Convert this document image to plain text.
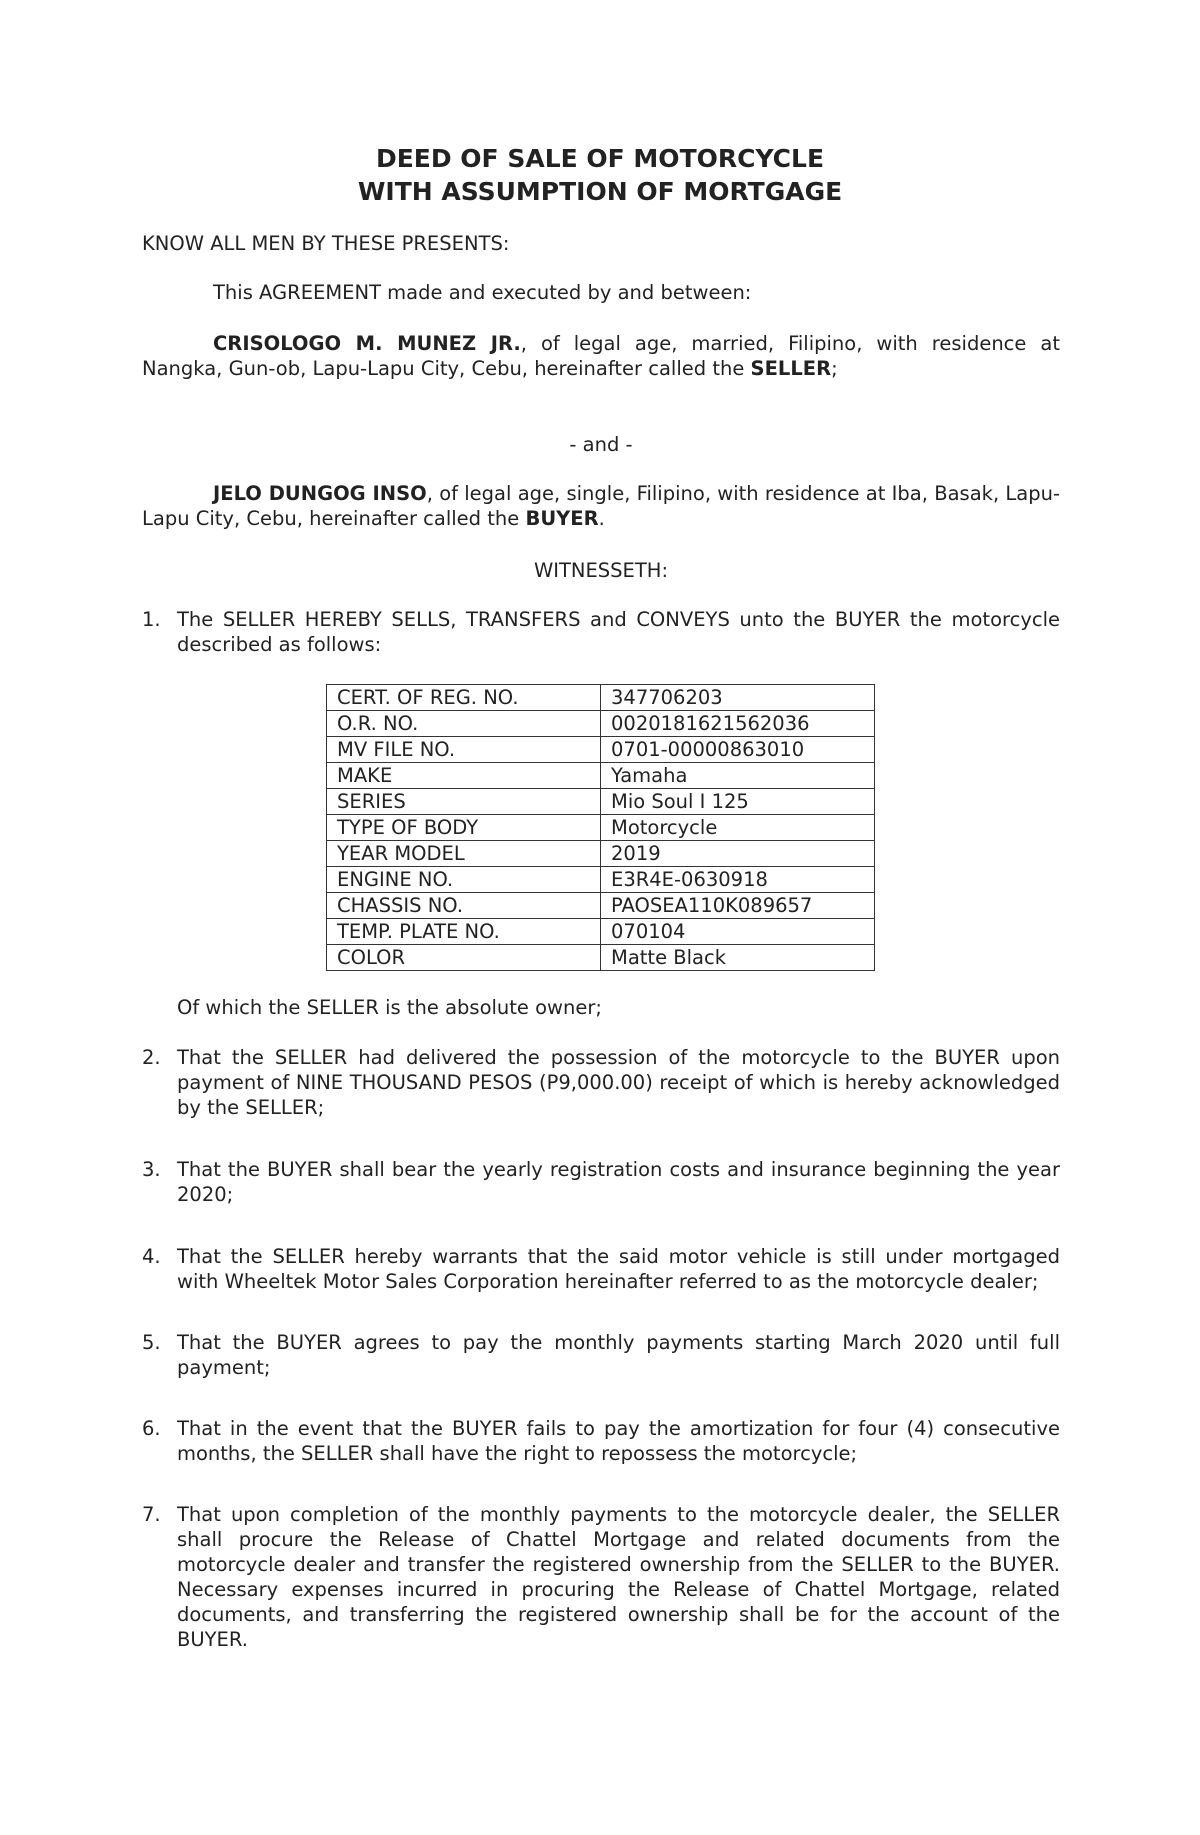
DEED OF SALE OF MOTORCYCLE
WITH ASSUMPTION OF MORTGAGE

KNOW ALL MEN BY THESE PRESENTS:

This AGREEMENT made and executed by and between:

CRISOLOGO M. MUNEZ JR., of legal age, married, Filipino, with residence at Nangka, Gun-ob, Lapu-Lapu City, Cebu, hereinafter called the SELLER;

- and -

JELO DUNGOG INSO, of legal age, single, Filipino, with residence at Iba, Basak, Lapu-Lapu City, Cebu, hereinafter called the BUYER.

WITNESSETH:

1. The SELLER HEREBY SELLS, TRANSFERS and CONVEYS unto the BUYER the motorcycle described as follows:
CERT. OF REG. NO.	347706203
O.R. NO.	0020181621562036
MV FILE NO.	0701-00000863010
MAKE	Yamaha
SERIES	Mio Soul I 125
TYPE OF BODY	Motorcycle
YEAR MODEL	2019
ENGINE NO.	E3R4E-0630918
CHASSIS NO.	PAOSEA110K089657
TEMP. PLATE NO.	070104
COLOR	Matte Black

Of which the SELLER is the absolute owner;

2. That the SELLER had delivered the possession of the motorcycle to the BUYER upon payment of NINE THOUSAND PESOS (P9,000.00) receipt of which is hereby acknowledged by the SELLER;
3. That the BUYER shall bear the yearly registration costs and insurance beginning the year 2020;
4. That the SELLER hereby warrants that the said motor vehicle is still under mortgaged with Wheeltek Motor Sales Corporation hereinafter referred to as the motorcycle dealer;
5. That the BUYER agrees to pay the monthly payments starting March 2020 until full payment;
6. That in the event that the BUYER fails to pay the amortization for four (4) consecutive months, the SELLER shall have the right to repossess the motorcycle;
7. That upon completion of the monthly payments to the motorcycle dealer, the SELLER shall procure the Release of Chattel Mortgage and related documents from the motorcycle dealer and transfer the registered ownership from the SELLER to the BUYER. Necessary expenses incurred in procuring the Release of Chattel Mortgage, related documents, and transferring the registered ownership shall be for the account of the BUYER.
